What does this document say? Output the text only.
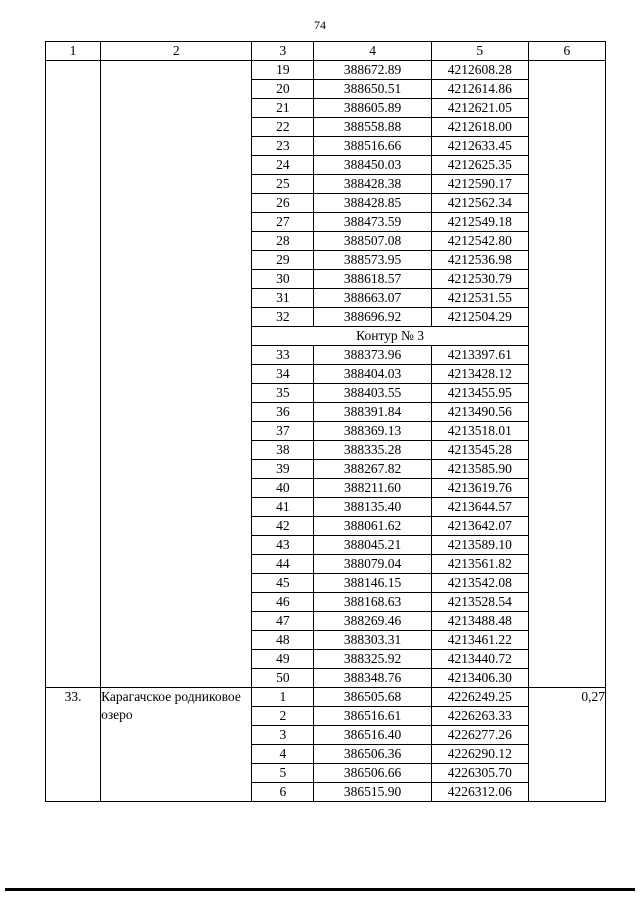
74
1	2	3	4	5	6
		19	388672.89	4212608.28	
		20	388650.51	4212614.86	
		21	388605.89	4212621.05	
		22	388558.88	4212618.00	
		23	388516.66	4212633.45	
		24	388450.03	4212625.35	
		25	388428.38	4212590.17	
		26	388428.85	4212562.34	
		27	388473.59	4212549.18	
		28	388507.08	4212542.80	
		29	388573.95	4212536.98	
		30	388618.57	4212530.79	
		31	388663.07	4212531.55	
		32	388696.92	4212504.29	
		Контур № 3			
		33	388373.96	4213397.61	
		34	388404.03	4213428.12	
		35	388403.55	4213455.95	
		36	388391.84	4213490.56	
		37	388369.13	4213518.01	
		38	388335.28	4213545.28	
		39	388267.82	4213585.90	
		40	388211.60	4213619.76	
		41	388135.40	4213644.57	
		42	388061.62	4213642.07	
		43	388045.21	4213589.10	
		44	388079.04	4213561.82	
		45	388146.15	4213542.08	
		46	388168.63	4213528.54	
		47	388269.46	4213488.48	
		48	388303.31	4213461.22	
		49	388325.92	4213440.72	
		50	388348.76	4213406.30	
33.	Карагачское родниковое озеро	1	386505.68	4226249.25	0,27
		2	386516.61	4226263.33	
		3	386516.40	4226277.26	
		4	386506.36	4226290.12	
		5	386506.66	4226305.70	
		6	386515.90	4226312.06	
